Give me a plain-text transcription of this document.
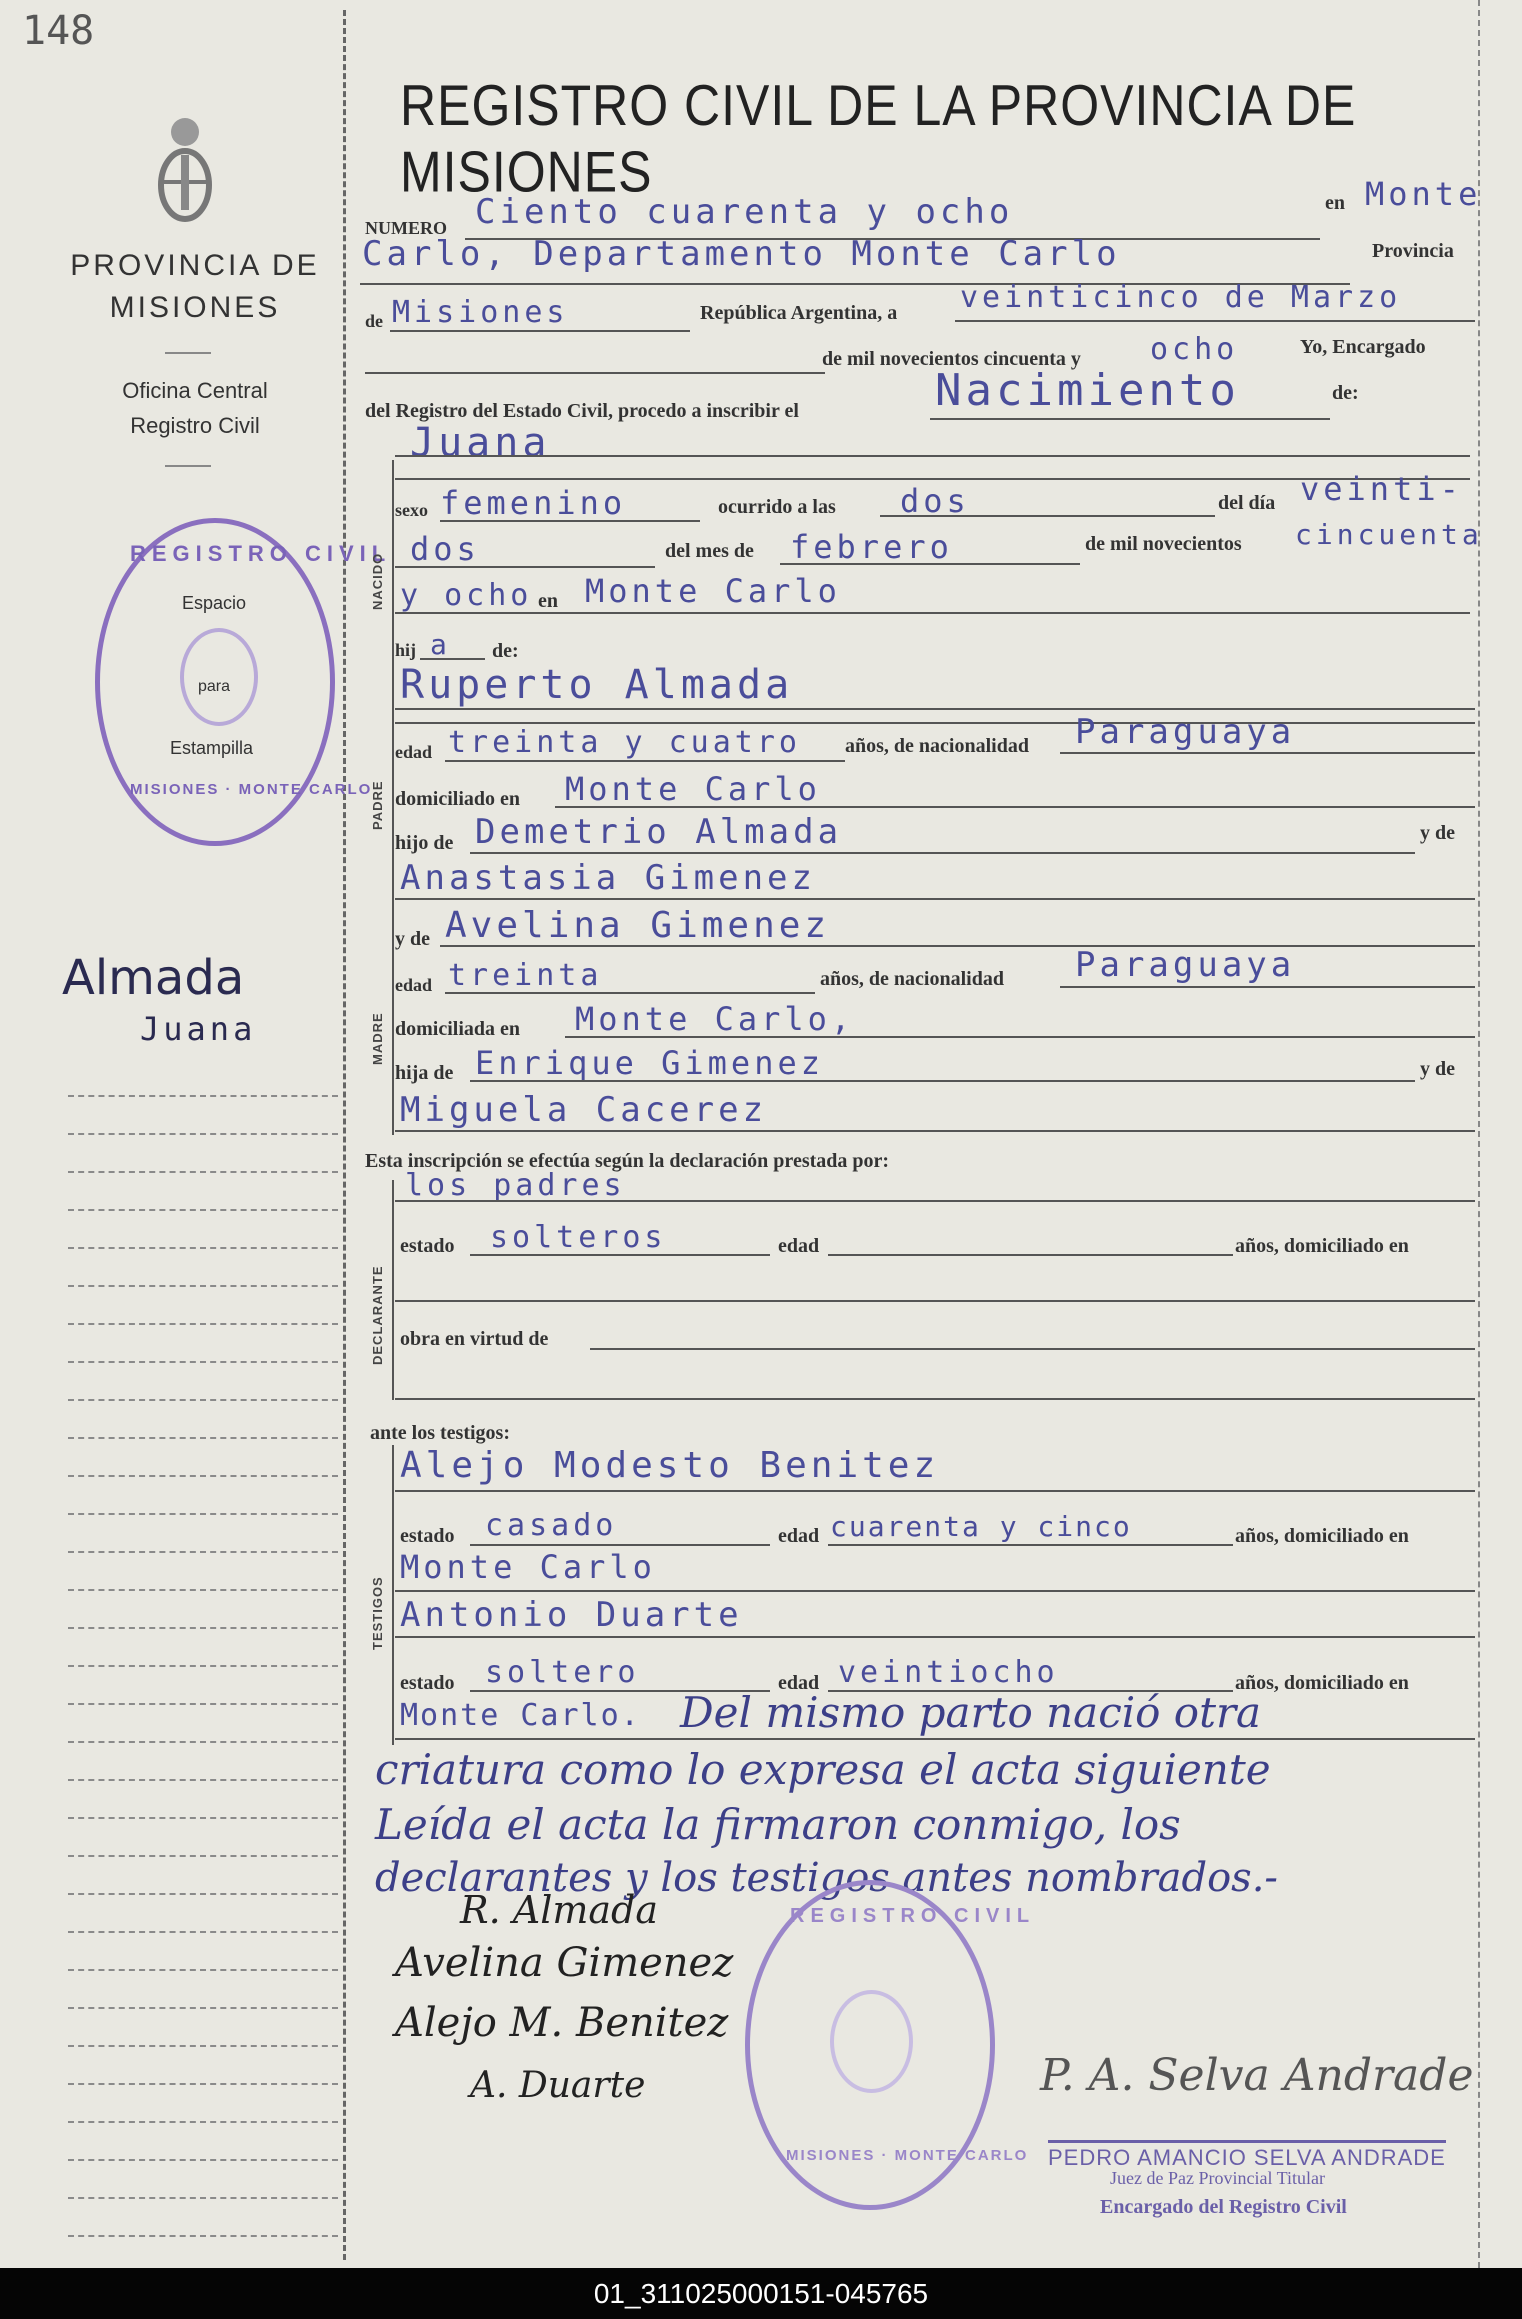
148
PROVINCIA DE MISIONES
Oficina Central
Registro Civil
REGISTRO CIVIL
Espacio
para
Estampilla
MISIONES · MONTE CARLO
Almada
Juana
REGISTRO CIVIL DE LA PROVINCIA DE MISIONES
NUMERO Ciento cuarenta y ocho	en Monte
Carlo, Departamento Monte Carlo	Provincia
de Misiones	República Argentina, a veinticinco de Marzo
de mil novecientos cincuenta y ocho	Yo, Encargado
del Registro del Estado Civil, procedo a inscribir el	Nacimiento	de:
NACIDO
Juana
sexo femenino	ocurrido a las dos	del día veinti-
dos	del mes de febrero	de mil novecientos cincuenta
y ocho en Monte Carlo
hij a de:
PADRE
Ruperto Almada
edad treinta y cuatro años, de nacionalidad Paraguaya
domiciliado en Monte Carlo
hijo de Demetrio Almada	y de
Anastasia Gimenez
MADRE
y de Avelina Gimenez
edad treinta	años, de nacionalidad Paraguaya
domiciliada en Monte Carlo,
hija de Enrique Gimenez	y de
Miguela Cacerez
Esta inscripción se efectúa según la declaración prestada por:
DECLARANTE
los padres
estado solteros	edad	años, domiciliado en
obra en virtud de
ante los testigos:
TESTIGOS
Alejo Modesto Benitez
estado casado	edad cuarenta y cinco	años, domiciliado en
Monte Carlo
Antonio Duarte
estado soltero	edad veintiocho	años, domiciliado en
Monte Carlo. Del mismo parto nació otra
criatura como lo expresa el acta siguiente
Leída el acta la firmaron conmigo, los
declarantes y los testigos antes nombrados.-
REGISTRO CIVIL
MISIONES · MONTE CARLO
R. Almada
Avelina Gimenez
Alejo M. Benitez
A. Duarte	P. A. Selva Andrade
PEDRO AMANCIO SELVA ANDRADE
Juez de Paz Provincial Titular
Encargado del Registro Civil
01_311025000151-045765
